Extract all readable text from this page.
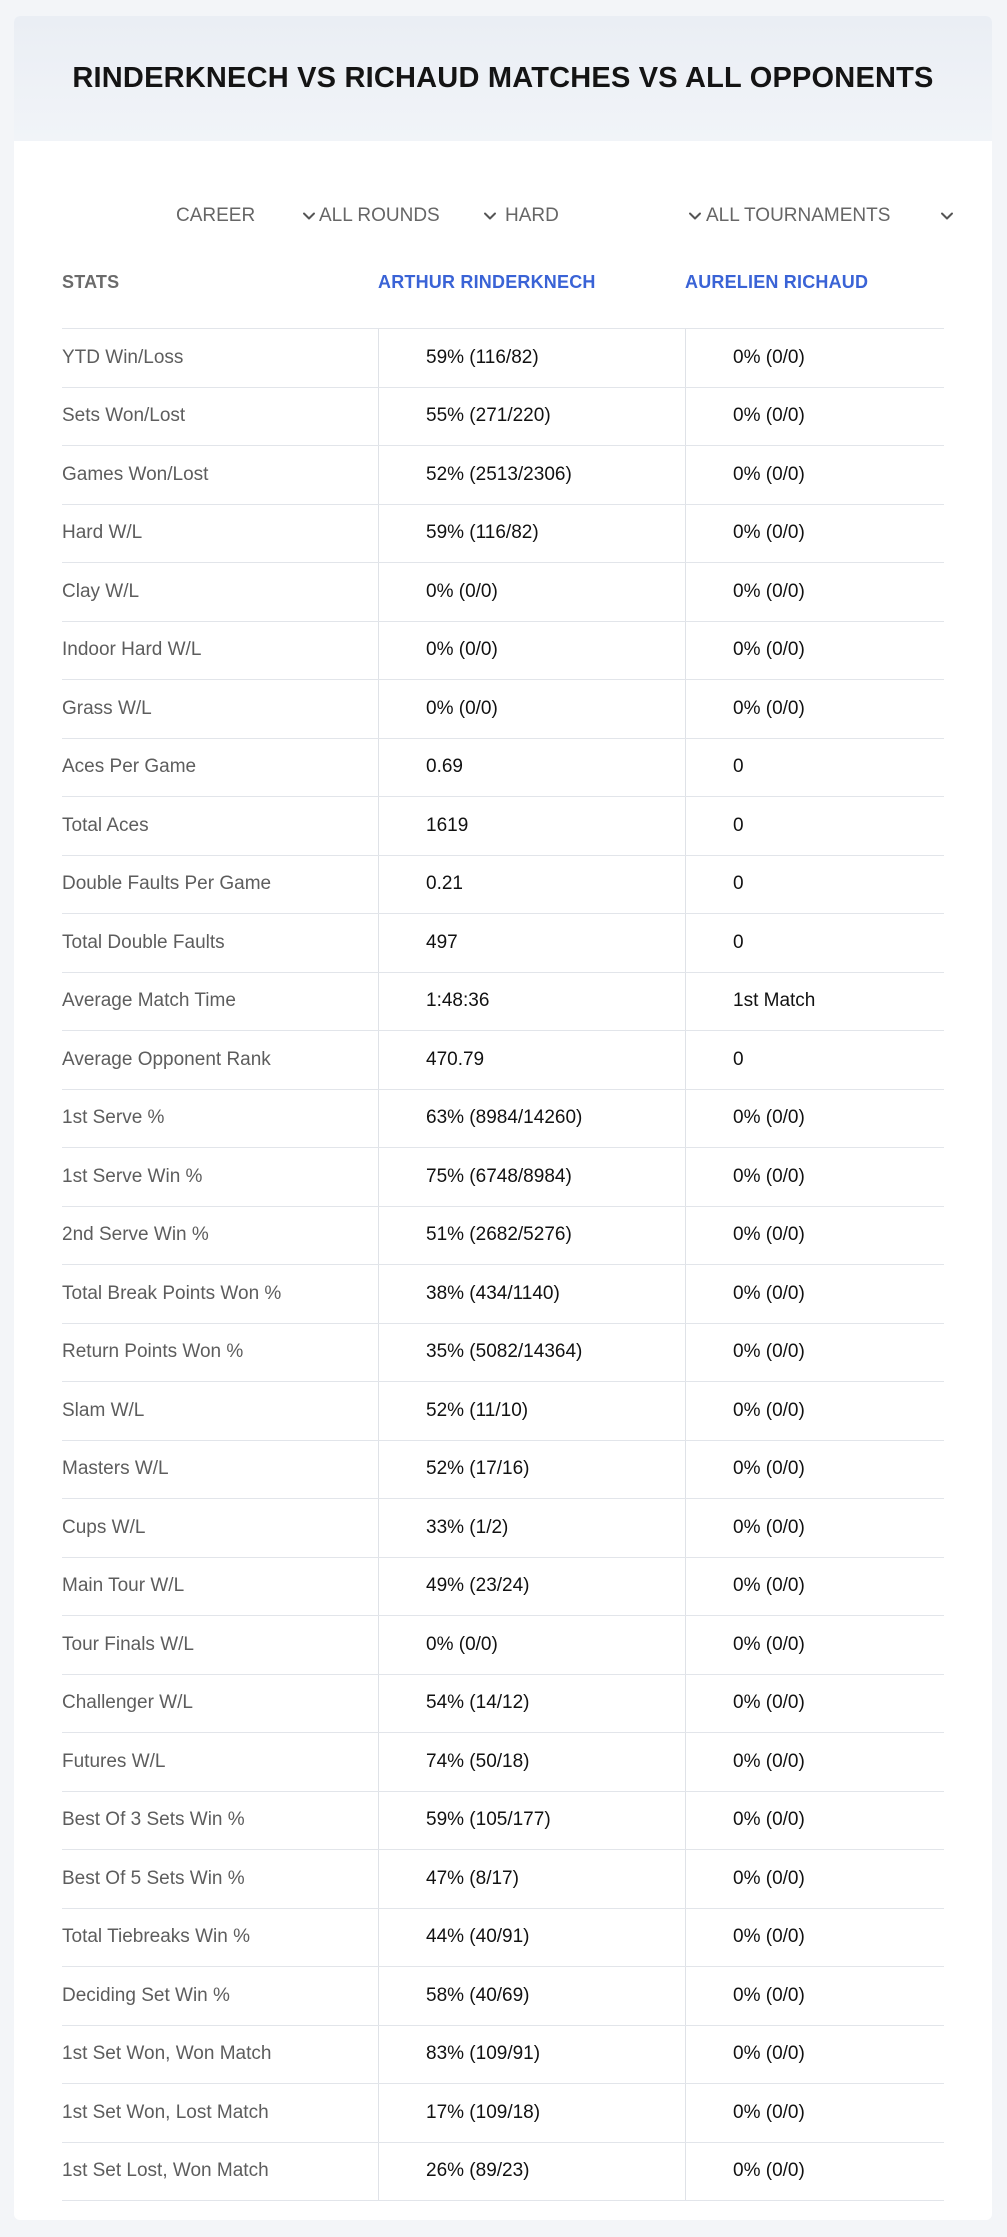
RINDERKNECH VS RICHAUD MATCHES VS ALL OPPONENTS
CAREER	ALL ROUNDS	HARD	ALL TOURNAMENTS
STATS	ARTHUR RINDERKNECH	AURELIEN RICHAUD
YTD Win/Loss	59% (116/82)	0% (0/0)
Sets Won/Lost	55% (271/220)	0% (0/0)
Games Won/Lost	52% (2513/2306)	0% (0/0)
Hard W/L	59% (116/82)	0% (0/0)
Clay W/L	0% (0/0)	0% (0/0)
Indoor Hard W/L	0% (0/0)	0% (0/0)
Grass W/L	0% (0/0)	0% (0/0)
Aces Per Game	0.69	0
Total Aces	1619	0
Double Faults Per Game	0.21	0
Total Double Faults	497	0
Average Match Time	1:48:36	1st Match
Average Opponent Rank	470.79	0
1st Serve %	63% (8984/14260)	0% (0/0)
1st Serve Win %	75% (6748/8984)	0% (0/0)
2nd Serve Win %	51% (2682/5276)	0% (0/0)
Total Break Points Won %	38% (434/1140)	0% (0/0)
Return Points Won %	35% (5082/14364)	0% (0/0)
Slam W/L	52% (11/10)	0% (0/0)
Masters W/L	52% (17/16)	0% (0/0)
Cups W/L	33% (1/2)	0% (0/0)
Main Tour W/L	49% (23/24)	0% (0/0)
Tour Finals W/L	0% (0/0)	0% (0/0)
Challenger W/L	54% (14/12)	0% (0/0)
Futures W/L	74% (50/18)	0% (0/0)
Best Of 3 Sets Win %	59% (105/177)	0% (0/0)
Best Of 5 Sets Win %	47% (8/17)	0% (0/0)
Total Tiebreaks Win %	44% (40/91)	0% (0/0)
Deciding Set Win %	58% (40/69)	0% (0/0)
1st Set Won, Won Match	83% (109/91)	0% (0/0)
1st Set Won, Lost Match	17% (109/18)	0% (0/0)
1st Set Lost, Won Match	26% (89/23)	0% (0/0)
